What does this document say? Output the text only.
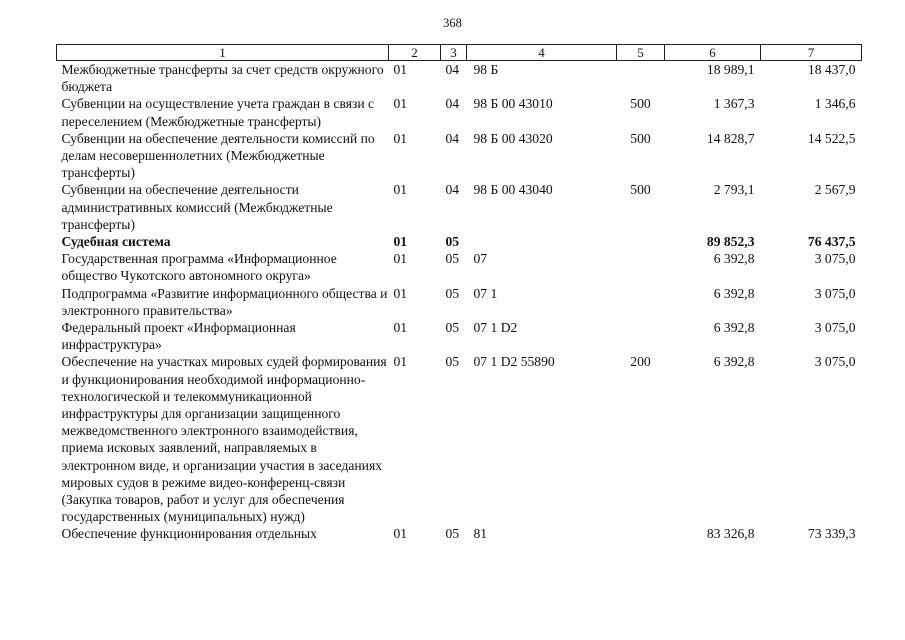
368
1	2	3	4	5	6	7
Межбюджетные трансферты за счет средств окружного бюджета	01	04	98 Б		18 989,1	18 437,0
Субвенции на осуществление учета граждан в связи с переселением (Межбюджетные трансферты)	01	04	98 Б 00 43010	500	1 367,3	1 346,6
Субвенции на обеспечение деятельности комиссий по делам несовершеннолетних (Межбюджетные трансферты)	01	04	98 Б 00 43020	500	14 828,7	14 522,5
Субвенции на обеспечение деятельности административных комиссий (Межбюджетные трансферты)	01	04	98 Б 00 43040	500	2 793,1	2 567,9
Судебная система	01	05			89 852,3	76 437,5
Государственная программа «Информационное общество Чукотского автономного округа»	01	05	07		6 392,8	3 075,0
Подпрограмма «Развитие информационного общества и электронного правительства»	01	05	07 1		6 392,8	3 075,0
Федеральный проект «Информационная инфраструктура»	01	05	07 1 D2		6 392,8	3 075,0
Обеспечение на участках мировых судей формирования и функционирования необходимой информационно-технологической и телекоммуникационной инфраструктуры для организации защищенного межведомственного электронного взаимодействия, приема исковых заявлений, направляемых в электронном виде, и организации участия в заседаниях мировых судов в режиме видео-конференц-связи (Закупка товаров, работ и услуг для обеспечения государственных (муниципальных) нужд)	01	05	07 1 D2 55890	200	6 392,8	3 075,0
Обеспечение функционирования отдельных	01	05	81		83 326,8	73 339,3
